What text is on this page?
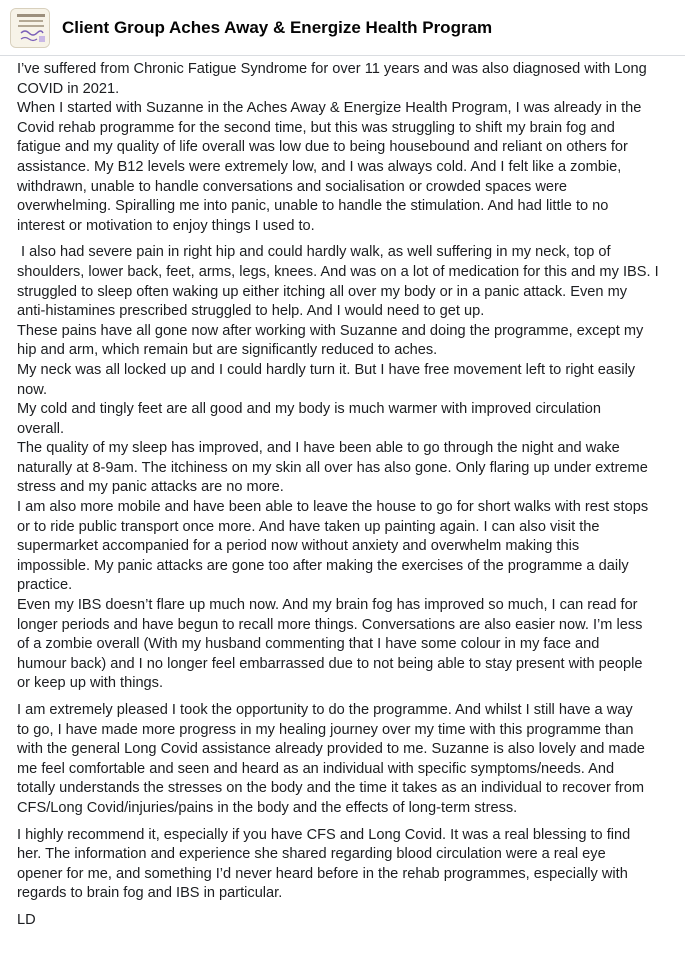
Client Group Aches Away & Energize Health Program

I’ve suffered from Chronic Fatigue Syndrome for over 11 years and was also diagnosed with Long
COVID in 2021.
When I started with Suzanne in the Aches Away & Energize Health Program, I was already in the
Covid rehab programme for the second time, but this was struggling to shift my brain fog and
fatigue and my quality of life overall was low due to being housebound and reliant on others for
assistance. My B12 levels were extremely low, and I was always cold. And I felt like a zombie,
withdrawn, unable to handle conversations and socialisation or crowded spaces were
overwhelming. Spiralling me into panic, unable to handle the stimulation. And had little to no
interest or motivation to enjoy things I used to.

I also had severe pain in right hip and could hardly walk, as well suffering in my neck, top of
shoulders, lower back, feet, arms, legs, knees. And was on a lot of medication for this and my IBS. I
struggled to sleep often waking up either itching all over my body or in a panic attack. Even my
anti-histamines prescribed struggled to help. And I would need to get up.
These pains have all gone now after working with Suzanne and doing the programme, except my
hip and arm, which remain but are significantly reduced to aches.
My neck was all locked up and I could hardly turn it. But I have free movement left to right easily
now.
My cold and tingly feet are all good and my body is much warmer with improved circulation
overall.
The quality of my sleep has improved, and I have been able to go through the night and wake
naturally at 8-9am. The itchiness on my skin all over has also gone. Only flaring up under extreme
stress and my panic attacks are no more.
I am also more mobile and have been able to leave the house to go for short walks with rest stops
or to ride public transport once more. And have taken up painting again. I can also visit the
supermarket accompanied for a period now without anxiety and overwhelm making this
impossible. My panic attacks are gone too after making the exercises of the programme a daily
practice.
Even my IBS doesn’t flare up much now. And my brain fog has improved so much, I can read for
longer periods and have begun to recall more things. Conversations are also easier now. I’m less
of a zombie overall (With my husband commenting that I have some colour in my face and
humour back) and I no longer feel embarrassed due to not being able to stay present with people
or keep up with things.

I am extremely pleased I took the opportunity to do the programme. And whilst I still have a way
to go, I have made more progress in my healing journey over my time with this programme than
with the general Long Covid assistance already provided to me. Suzanne is also lovely and made
me feel comfortable and seen and heard as an individual with specific symptoms/needs. And
totally understands the stresses on the body and the time it takes as an individual to recover from
CFS/Long Covid/injuries/pains in the body and the effects of long-term stress.

I highly recommend it, especially if you have CFS and Long Covid. It was a real blessing to find
her. The information and experience she shared regarding blood circulation were a real eye
opener for me, and something I’d never heard before in the rehab programmes, especially with
regards to brain fog and IBS in particular.

LD
